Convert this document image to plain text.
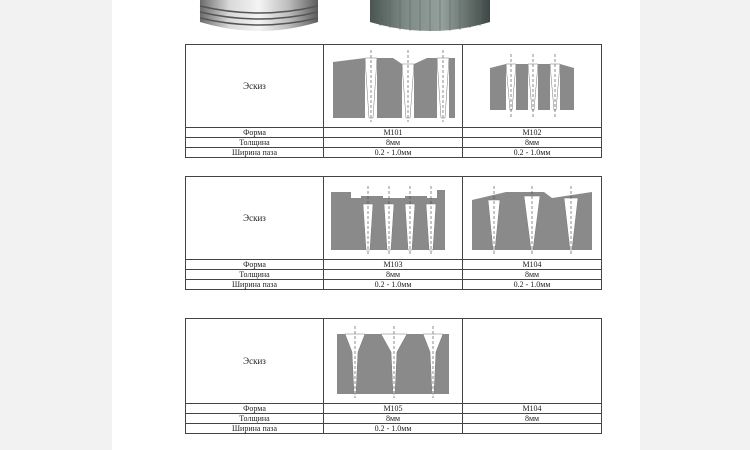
Эскиз	

Форма	M101	M102
Толщина	8мм	8мм
Ширина паза	0.2 - 1.0мм	0.2 - 1.0мм
Эскиз	

Форма	M103	M104
Толщина	8мм	8мм
Ширина паза	0.2 - 1.0мм	0.2 - 1.0мм
Эскиз	

Форма	M105	M104
Толщина	8мм	8мм
Ширина паза	0.2 - 1.0мм	
